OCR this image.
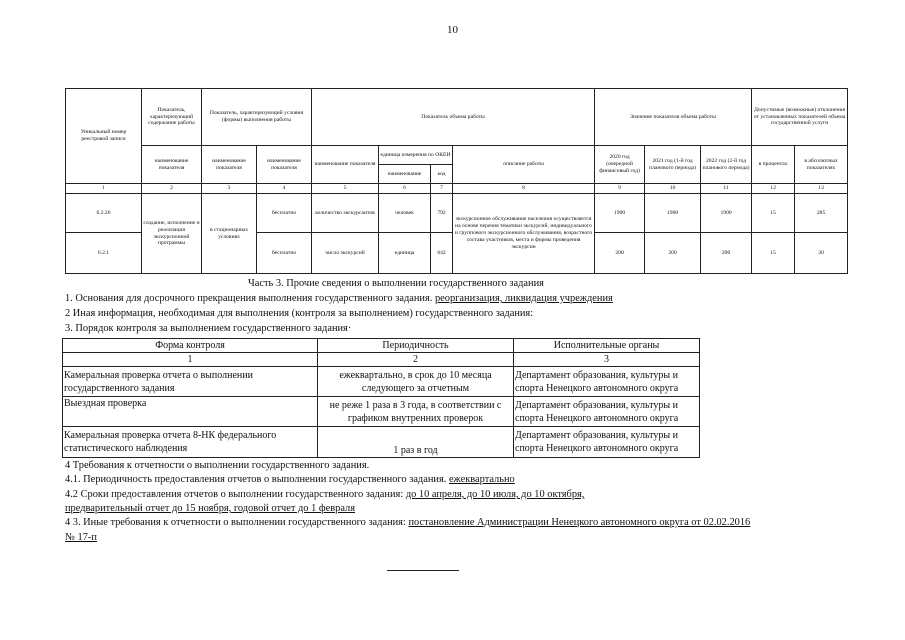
10
Уникальный номер реестровой записи	Показатель, характеризующий содержание работы	Показатель, характеризующий условия (формы) выполнения работы		Показатель объема работы				Значение показателя объема работы			Допустимые (возможные) отклонения от установленных показателей объема государственной услуги	
	наименование показателя	наименование показателя	наименование показателя	наименование показателя	единица измерения по ОКЕИ		описание работы	2020 год (очередной финансовый год)	2021 год (1-й год планового периода)	2022 год (2-й год планового периода)	в процентах	в абсолютных показателях
					наименование	код						
1	2	3	4	5	6	7	8	9	10	11	12	13
6.2.26	создание, исполнение и реализация экскурсионной программы	в стационарных условиях	бесплатно	количество экскурсантов	человек	792	экскурсионное обслуживание населения осуществляется на основе перечня тематики экскурсий, индивидуального и группового экскурсионного обслуживания, возрастного состава участников, места и формы проведения экскурсии	1900	1900	1900	15	285
6.2.1			бесплатно	число экскурсий	единица	642		200	200	200	15	30
Часть 3. Прочие сведения о выполнении государственного задания
1. Основания для досрочного прекращения выполнения государственного задания. реорганизация, ликвидация учреждения
2 Иная информация, необходимая для выполнения (контроля за выполнением) государственного задания:
3. Порядок контроля за выполнением государственного задания·
Форма контроля	Периодичность	Исполнительные органы
1	2	3
Камеральная проверка отчета о выполнении государственного задания	ежеквартально, в срок до 10 месяца следующего за отчетным	Департамент образования, культуры и спорта Ненецкого автономного округа
Выездная проверка	не реже 1 раза в 3 года, в соответствии с графиком внутренних проверок	Департамент образования, культуры и спорта Ненецкого автономного округа
Камеральная проверка отчета 8-НК федерального статистического наблюдения	1 раз в год	Департамент образования, культуры и спорта Ненецкого автономного округа
4 Требования к отчетности о выполнении государственного задания.
4.1. Периодичность предоставления отчетов о выполнении государственного задания. ежеквартально
4.2 Сроки предоставления отчетов о выполнении государственного задания: до 10 апреля, до 10 июля, до 10 октября,
предварительный отчет до 15 ноября, годовой отчет до 1 февраля
4 3. Иные требования к отчетности о выполнении государственного задания: постановление Администрации Ненецкого автономного округа от 02.02.2016
№ 17-п
